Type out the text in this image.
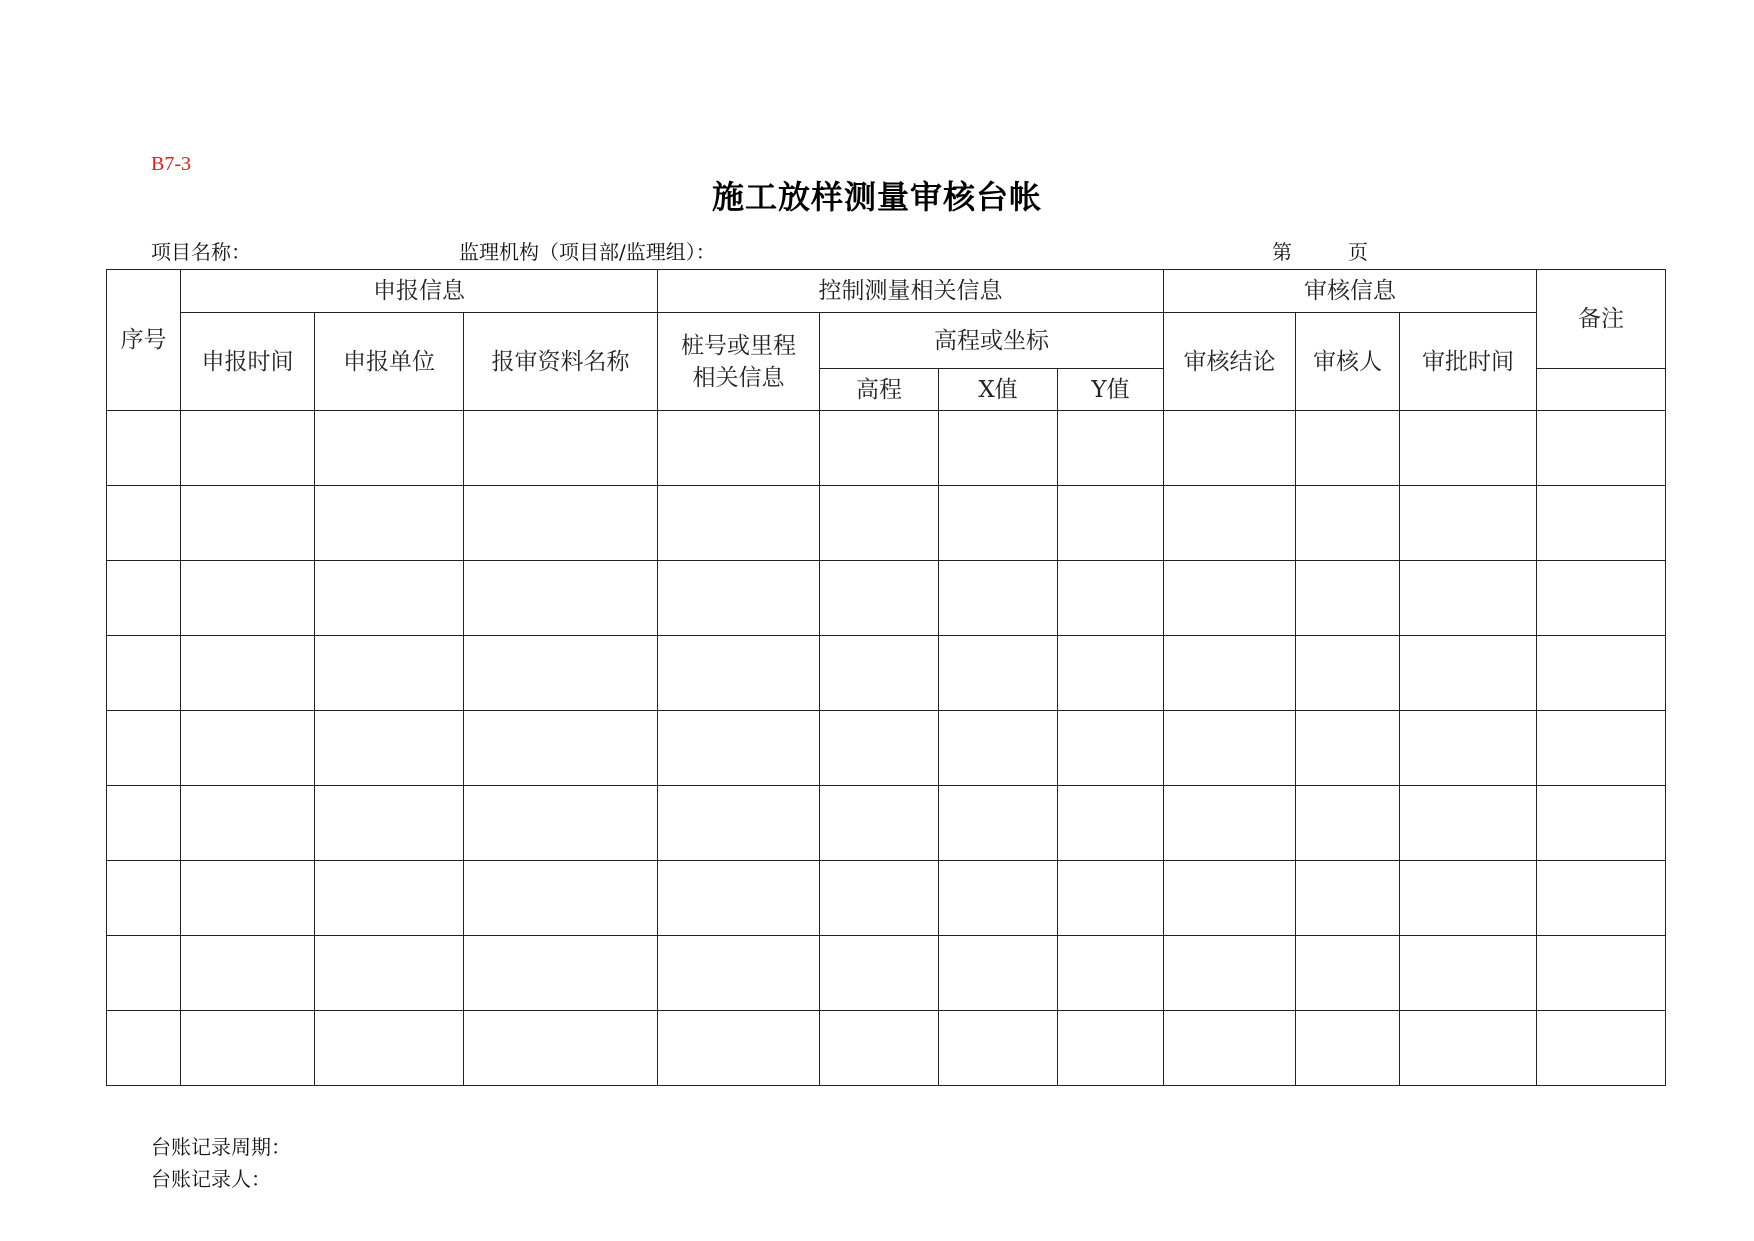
B7-3
施工放样测量审核台帐
项目名称：	监理机构（项目部/监理组）：	第	页
序号	申报信息			控制测量相关信息				审核信息			备注
	申报时间	申报单位	报审资料名称	桩号或里程相关信息	高程或坐标			审核结论	审核人	审批时间	
					高程	X值	Y值				

台账记录周期：
台账记录人：
